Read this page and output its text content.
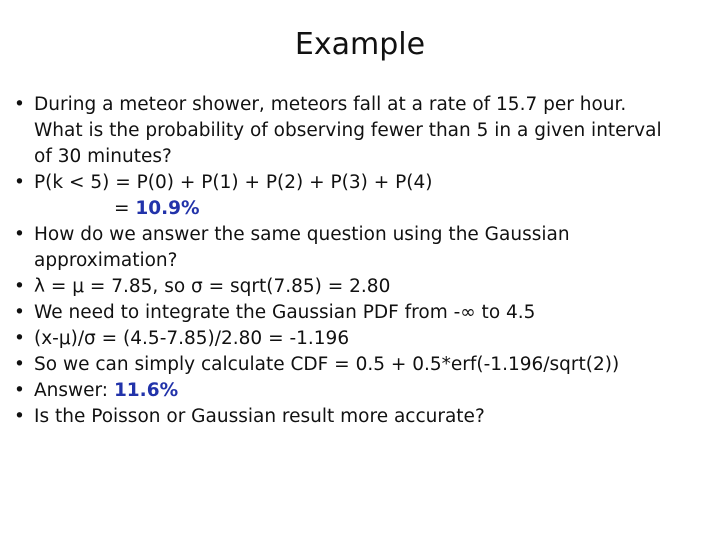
Example
• During a meteor shower, meteors fall at a rate of 15.7 per hour.
What is the probability of observing fewer than 5 in a given interval
of 30 minutes?
• P(k < 5) = P(0) + P(1) + P(2) + P(3) + P(4)
= 10.9%
• How do we answer the same question using the Gaussian
approximation?
• λ = μ = 7.85, so σ = sqrt(7.85) = 2.80
• We need to integrate the Gaussian PDF from -∞ to 4.5
• (x-μ)/σ = (4.5-7.85)/2.80 = -1.196
• So we can simply calculate CDF = 0.5 + 0.5*erf(-1.196/sqrt(2))
• Answer: 11.6%
• Is the Poisson or Gaussian result more accurate?
